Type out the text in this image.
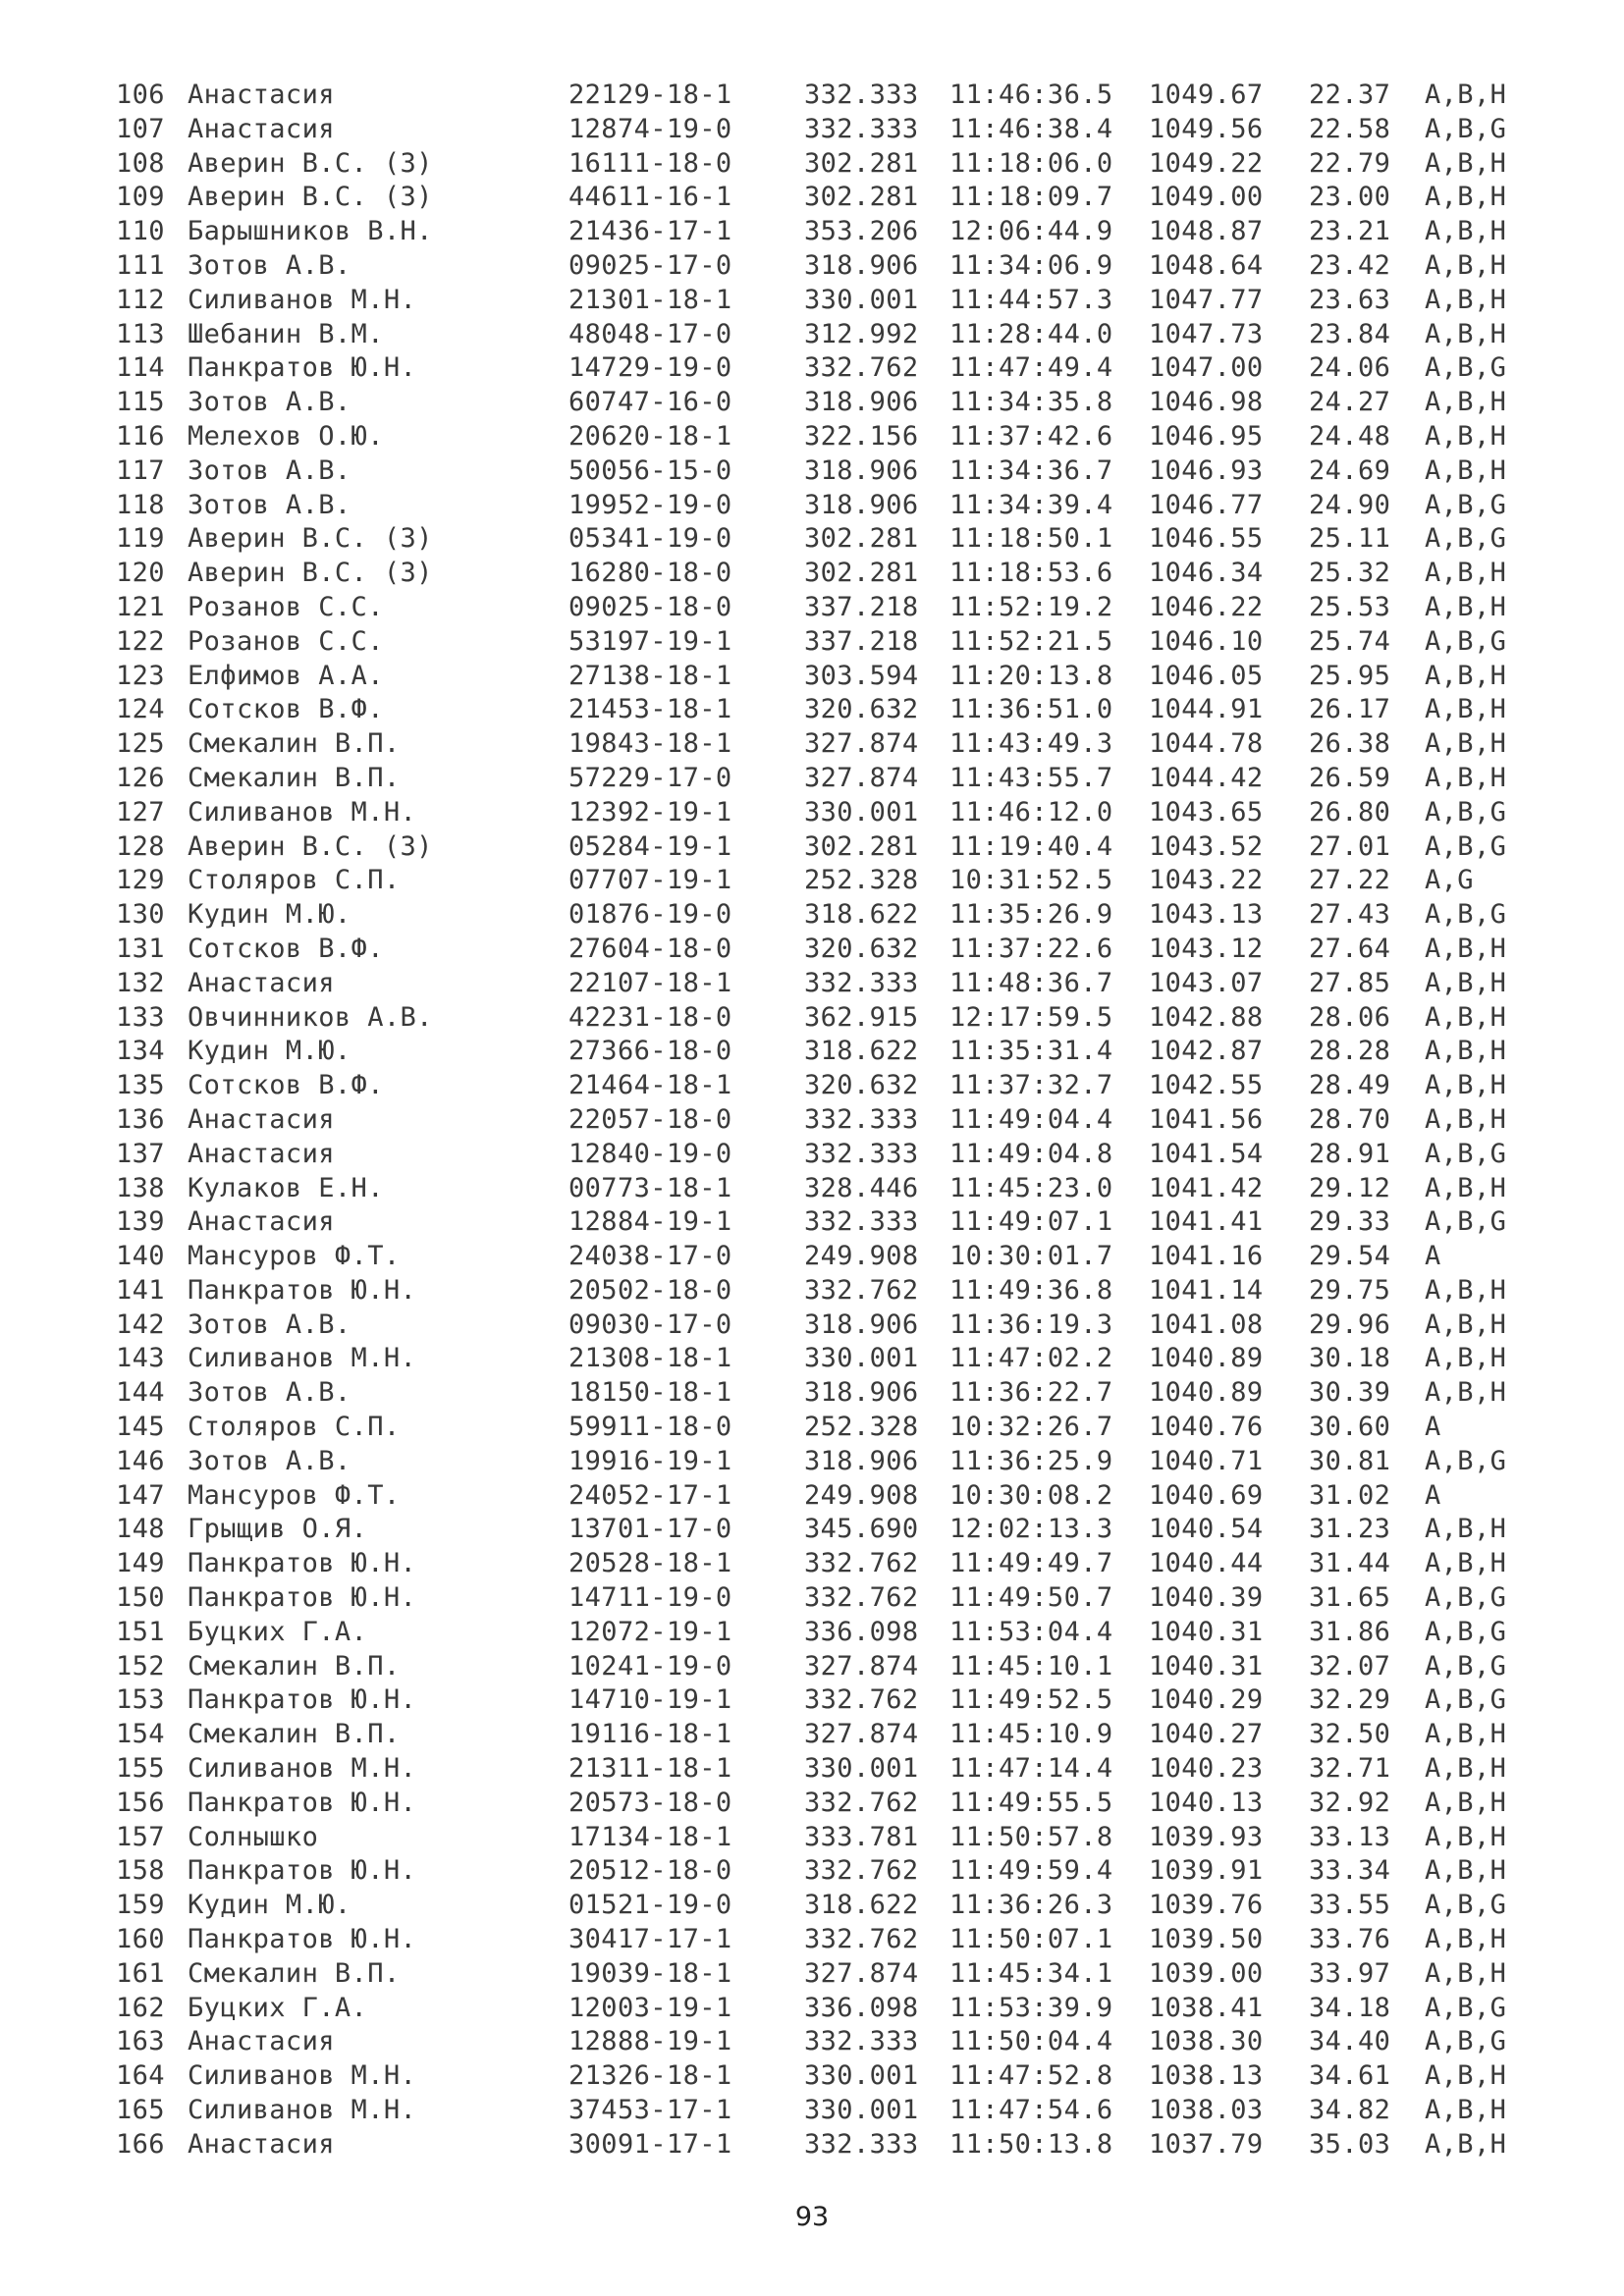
106	Анастасия	22129-18-1	332.333	11:46:36.5	1049.67	22.37	A,B,H
107	Анастасия	12874-19-0	332.333	11:46:38.4	1049.56	22.58	A,B,G
108	Аверин В.С. (З)	16111-18-0	302.281	11:18:06.0	1049.22	22.79	A,B,H
109	Аверин В.С. (З)	44611-16-1	302.281	11:18:09.7	1049.00	23.00	A,B,H
110	Барышников В.Н.	21436-17-1	353.206	12:06:44.9	1048.87	23.21	A,B,H
111	Зотов А.В.	09025-17-0	318.906	11:34:06.9	1048.64	23.42	A,B,H
112	Силиванов М.Н.	21301-18-1	330.001	11:44:57.3	1047.77	23.63	A,B,H
113	Шебанин В.М.	48048-17-0	312.992	11:28:44.0	1047.73	23.84	A,B,H
114	Панкратов Ю.Н.	14729-19-0	332.762	11:47:49.4	1047.00	24.06	A,B,G
115	Зотов А.В.	60747-16-0	318.906	11:34:35.8	1046.98	24.27	A,B,H
116	Мелехов О.Ю.	20620-18-1	322.156	11:37:42.6	1046.95	24.48	A,B,H
117	Зотов А.В.	50056-15-0	318.906	11:34:36.7	1046.93	24.69	A,B,H
118	Зотов А.В.	19952-19-0	318.906	11:34:39.4	1046.77	24.90	A,B,G
119	Аверин В.С. (З)	05341-19-0	302.281	11:18:50.1	1046.55	25.11	A,B,G
120	Аверин В.С. (З)	16280-18-0	302.281	11:18:53.6	1046.34	25.32	A,B,H
121	Розанов С.С.	09025-18-0	337.218	11:52:19.2	1046.22	25.53	A,B,H
122	Розанов С.С.	53197-19-1	337.218	11:52:21.5	1046.10	25.74	A,B,G
123	Елфимов А.А.	27138-18-1	303.594	11:20:13.8	1046.05	25.95	A,B,H
124	Сотсков В.Ф.	21453-18-1	320.632	11:36:51.0	1044.91	26.17	A,B,H
125	Смекалин В.П.	19843-18-1	327.874	11:43:49.3	1044.78	26.38	A,B,H
126	Смекалин В.П.	57229-17-0	327.874	11:43:55.7	1044.42	26.59	A,B,H
127	Силиванов М.Н.	12392-19-1	330.001	11:46:12.0	1043.65	26.80	A,B,G
128	Аверин В.С. (З)	05284-19-1	302.281	11:19:40.4	1043.52	27.01	A,B,G
129	Столяров С.П.	07707-19-1	252.328	10:31:52.5	1043.22	27.22	A,G
130	Кудин М.Ю.	01876-19-0	318.622	11:35:26.9	1043.13	27.43	A,B,G
131	Сотсков В.Ф.	27604-18-0	320.632	11:37:22.6	1043.12	27.64	A,B,H
132	Анастасия	22107-18-1	332.333	11:48:36.7	1043.07	27.85	A,B,H
133	Овчинников А.В.	42231-18-0	362.915	12:17:59.5	1042.88	28.06	A,B,H
134	Кудин М.Ю.	27366-18-0	318.622	11:35:31.4	1042.87	28.28	A,B,H
135	Сотсков В.Ф.	21464-18-1	320.632	11:37:32.7	1042.55	28.49	A,B,H
136	Анастасия	22057-18-0	332.333	11:49:04.4	1041.56	28.70	A,B,H
137	Анастасия	12840-19-0	332.333	11:49:04.8	1041.54	28.91	A,B,G
138	Кулаков Е.Н.	00773-18-1	328.446	11:45:23.0	1041.42	29.12	A,B,H
139	Анастасия	12884-19-1	332.333	11:49:07.1	1041.41	29.33	A,B,G
140	Мансуров Ф.Т.	24038-17-0	249.908	10:30:01.7	1041.16	29.54	A
141	Панкратов Ю.Н.	20502-18-0	332.762	11:49:36.8	1041.14	29.75	A,B,H
142	Зотов А.В.	09030-17-0	318.906	11:36:19.3	1041.08	29.96	A,B,H
143	Силиванов М.Н.	21308-18-1	330.001	11:47:02.2	1040.89	30.18	A,B,H
144	Зотов А.В.	18150-18-1	318.906	11:36:22.7	1040.89	30.39	A,B,H
145	Столяров С.П.	59911-18-0	252.328	10:32:26.7	1040.76	30.60	A
146	Зотов А.В.	19916-19-1	318.906	11:36:25.9	1040.71	30.81	A,B,G
147	Мансуров Ф.Т.	24052-17-1	249.908	10:30:08.2	1040.69	31.02	A
148	Грыщив О.Я.	13701-17-0	345.690	12:02:13.3	1040.54	31.23	A,B,H
149	Панкратов Ю.Н.	20528-18-1	332.762	11:49:49.7	1040.44	31.44	A,B,H
150	Панкратов Ю.Н.	14711-19-0	332.762	11:49:50.7	1040.39	31.65	A,B,G
151	Буцких Г.А.	12072-19-1	336.098	11:53:04.4	1040.31	31.86	A,B,G
152	Смекалин В.П.	10241-19-0	327.874	11:45:10.1	1040.31	32.07	A,B,G
153	Панкратов Ю.Н.	14710-19-1	332.762	11:49:52.5	1040.29	32.29	A,B,G
154	Смекалин В.П.	19116-18-1	327.874	11:45:10.9	1040.27	32.50	A,B,H
155	Силиванов М.Н.	21311-18-1	330.001	11:47:14.4	1040.23	32.71	A,B,H
156	Панкратов Ю.Н.	20573-18-0	332.762	11:49:55.5	1040.13	32.92	A,B,H
157	Солнышко	17134-18-1	333.781	11:50:57.8	1039.93	33.13	A,B,H
158	Панкратов Ю.Н.	20512-18-0	332.762	11:49:59.4	1039.91	33.34	A,B,H
159	Кудин М.Ю.	01521-19-0	318.622	11:36:26.3	1039.76	33.55	A,B,G
160	Панкратов Ю.Н.	30417-17-1	332.762	11:50:07.1	1039.50	33.76	A,B,H
161	Смекалин В.П.	19039-18-1	327.874	11:45:34.1	1039.00	33.97	A,B,H
162	Буцких Г.А.	12003-19-1	336.098	11:53:39.9	1038.41	34.18	A,B,G
163	Анастасия	12888-19-1	332.333	11:50:04.4	1038.30	34.40	A,B,G
164	Силиванов М.Н.	21326-18-1	330.001	11:47:52.8	1038.13	34.61	A,B,H
165	Силиванов М.Н.	37453-17-1	330.001	11:47:54.6	1038.03	34.82	A,B,H
166	Анастасия	30091-17-1	332.333	11:50:13.8	1037.79	35.03	A,B,H
93
